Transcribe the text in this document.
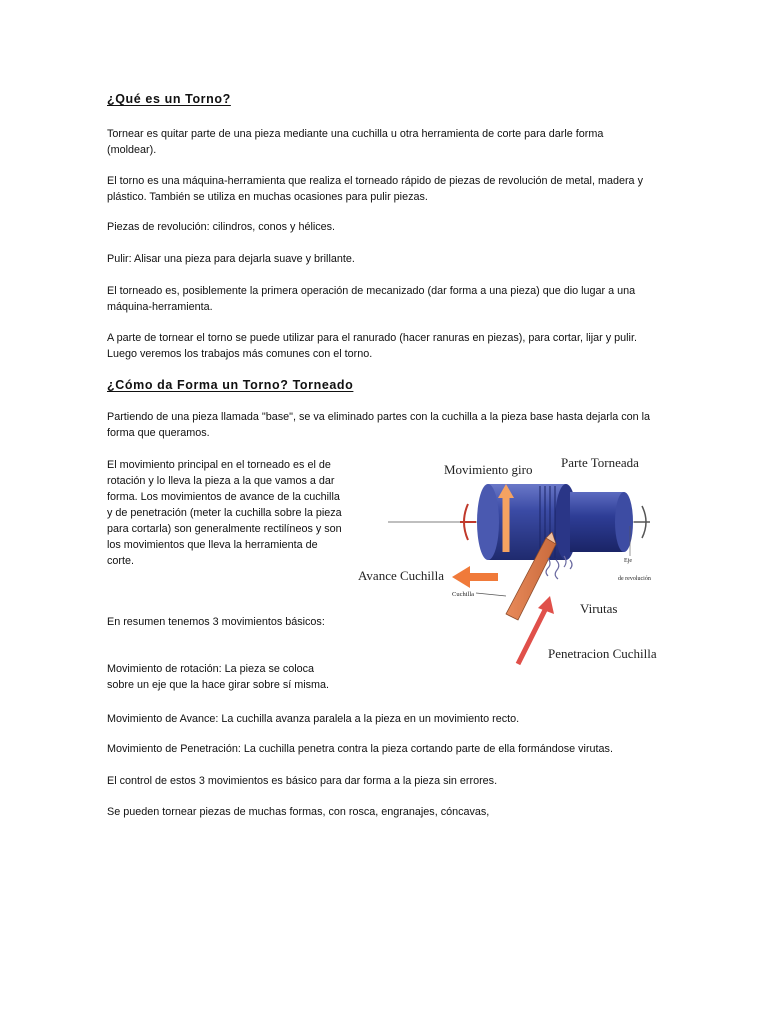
¿Qué es un Torno?

Tornear es quitar parte de una pieza mediante una cuchilla u otra herramienta de corte para darle forma (moldear).

El torno es una máquina-herramienta que realiza el torneado rápido de piezas de revolución de metal, madera y plástico. También se utiliza en muchas ocasiones para pulir piezas.

Piezas de revolución: cilindros, conos y hélices.

Pulir: Alisar una pieza para dejarla suave y brillante.

El torneado es, posiblemente la primera operación de mecanizado (dar forma a una pieza) que dio lugar a una máquina-herramienta.

A parte de tornear el torno se puede utilizar para el ranurado (hacer ranuras en piezas), para cortar, lijar y pulir. Luego veremos los trabajos más comunes con el torno.

¿Cómo da Forma un Torno? Torneado

Partiendo de una pieza llamada "base", se va eliminado partes con la cuchilla a la pieza base hasta dejarla con la forma que queramos.

El movimiento principal en el torneado es el de rotación y lo lleva la pieza a la que vamos a dar forma. Los movimientos de avance de la cuchilla y de penetración (meter la cuchilla sobre la pieza para cortarla) son generalmente rectilíneos y son los movimientos que lleva la herramienta de corte.

En resumen tenemos 3 movimientos básicos:

Movimiento de rotación: La pieza se coloca sobre un eje que la hace girar sobre sí misma.

Movimiento de Avance: La cuchilla avanza paralela a la pieza en un movimiento recto.

Movimiento de Penetración: La cuchilla penetra contra la pieza cortando parte de ella formándose virutas.

El control de estos 3 movimientos es básico para dar forma a la pieza sin errores.

Se pueden tornear piezas de muchas formas, con rosca, engranajes, cóncavas,

Movimiento giro Parte Torneada
Avance Cuchilla
Cuchilla
Eje
de revolución
Virutas
Penetracion Cuchilla
